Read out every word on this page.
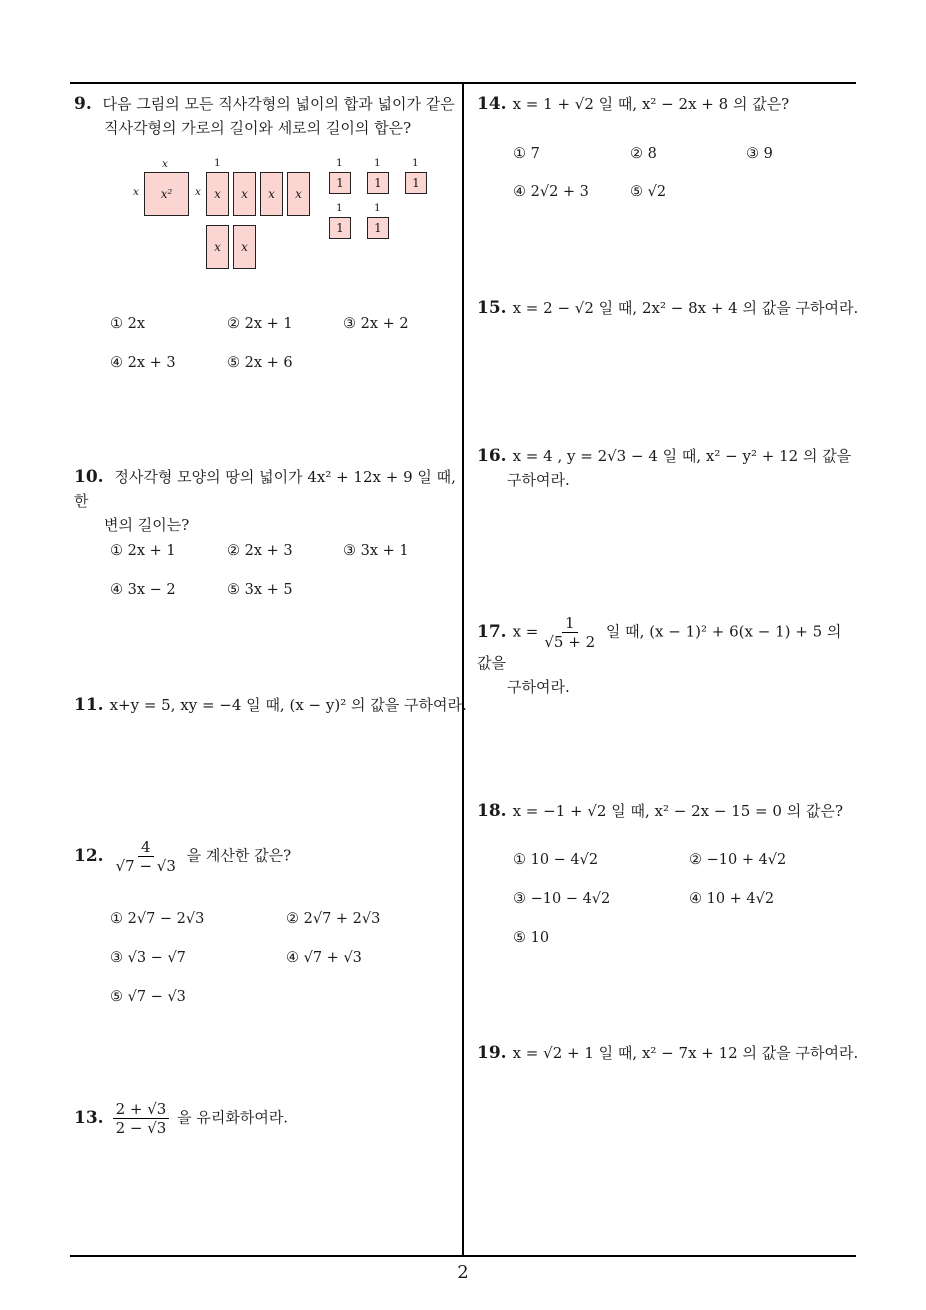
9. 다음 그림의 모든 직사각형의 넓이의 합과 넓이가 같은
직사각형의 가로의 길이와 세로의 길이의 합은?
x
x	x²
1
x	x	x	x	x
x	x
1
1
1
1
1
1
1
1
1
1
① 2x	② 2x + 1	③ 2x + 2
④ 2x + 3	⑤ 2x + 6
10. 정사각형 모양의 땅의 넓이가 4x² + 12x + 9 일 때, 한
변의 길이는?
① 2x + 1	② 2x + 3	③ 3x + 1
④ 3x − 2	⑤ 3x + 5
11. x+y = 5, xy = −4 일 때, (x − y)² 의 값을 구하여라.
12. $\frac{4}{√7 - √3}$ 을 계산한 값은?
① 2√7 − 2√3	② 2√7 + 2√3
③ √3 − √7	④ √7 + √3
⑤ √7 − √3
13. $\frac{2 + √3}{2 - √3}$ 을 유리화하여라.
14. x = 1 + √2 일 때, x² − 2x + 8 의 값은?
① 7	② 8	③ 9
④ 2√2 + 3	⑤ √2
15. x = 2 − √2 일 때, 2x² − 8x + 4 의 값을 구하여라.
16. x = 4 , y = 2√3 − 4 일 때, x² − y² + 12 의 값을
구하여라.
17. $x = \frac{1}{√5 + 2}$ 일 때, (x − 1)² + 6(x − 1) + 5 의 값을
구하여라.
18. x = −1 + √2 일 때, x² − 2x − 15 = 0 의 값은?
① 10 − 4√2	② −10 + 4√2
③ −10 − 4√2	④ 10 + 4√2
⑤ 10
19. x = √2 + 1 일 때, x² − 7x + 12 의 값을 구하여라.
2
